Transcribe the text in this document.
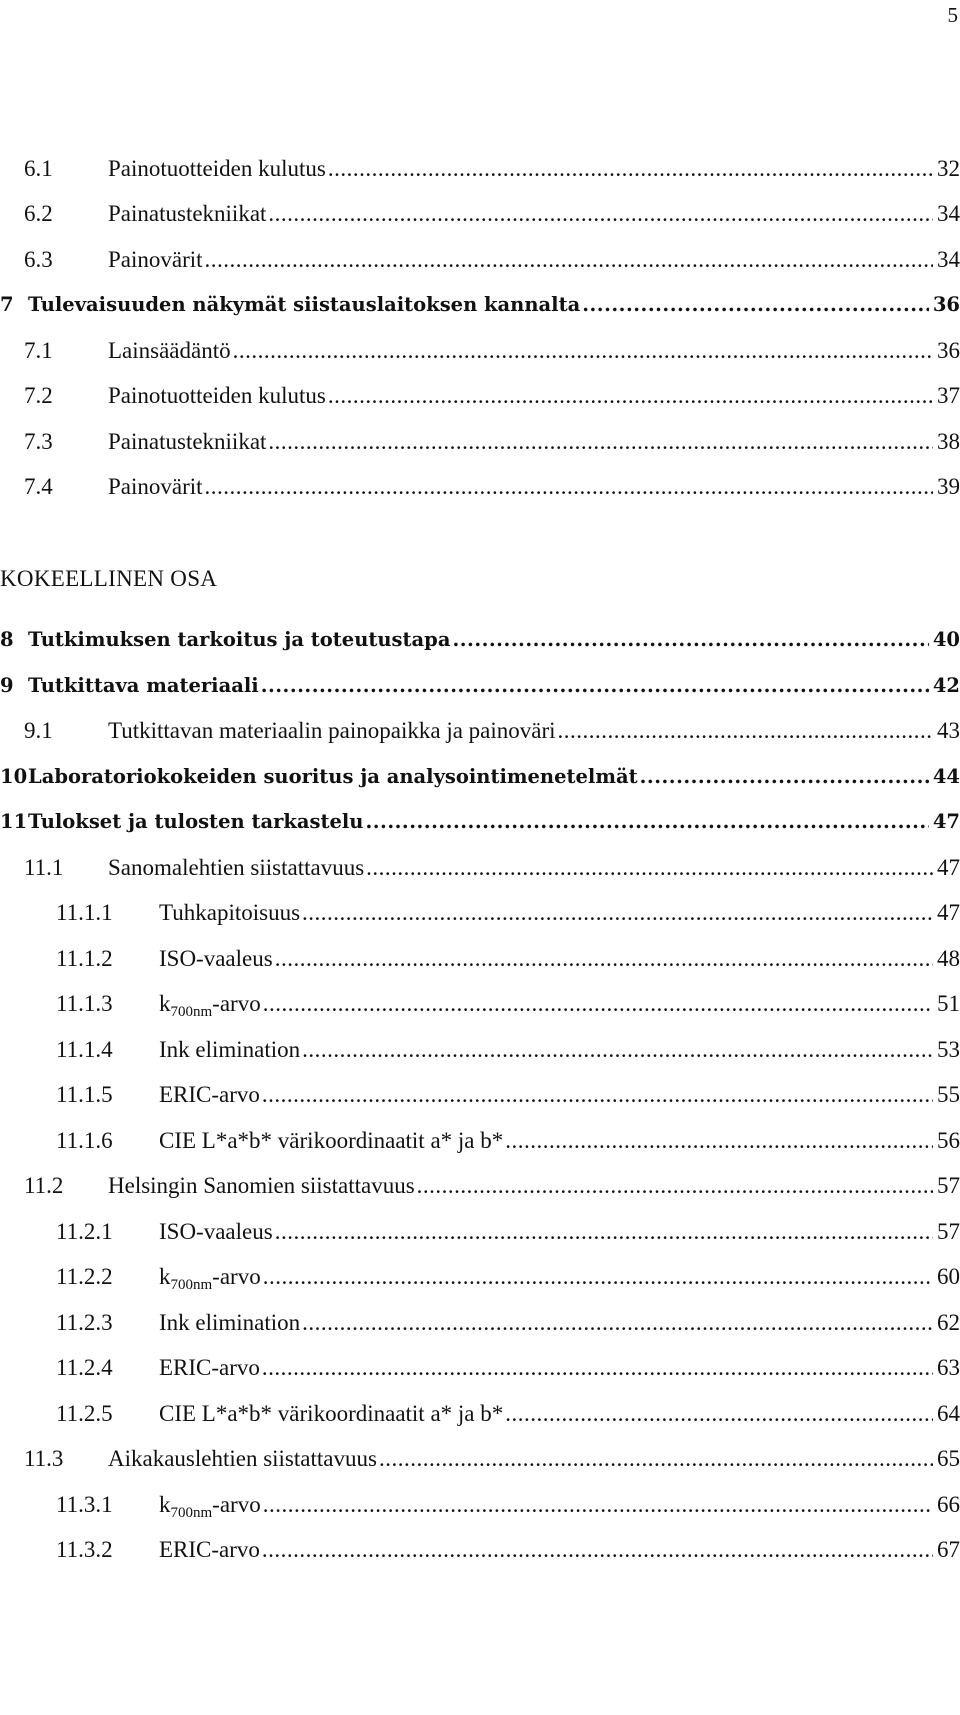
5
KOKEELLINEN OSA
6.1 Painotuotteiden kulutus .....	32
6.2 Painatustekniikat .....	34
6.3 Painovärit .....	34
7 Tulevaisuuden näkymät siistauslaitoksen kannalta .....	36
7.1 Lainsäädäntö .....	36
7.2 Painotuotteiden kulutus .....	37
7.3 Painatustekniikat .....	38
7.4 Painovärit .....	39
8 Tutkimuksen tarkoitus ja toteutustapa .....	40
9 Tutkittava materiaali .....	42
9.1 Tutkittavan materiaalin painopaikka ja painoväri .....	43
10 Laboratoriokokeiden suoritus ja analysointimenetelmät .....	44
11 Tulokset ja tulosten tarkastelu .....	47
11.1 Sanomalehtien siistattavuus .....	47
11.1.1 Tuhkapitoisuus .....	47
11.1.2 ISO-vaaleus .....	48
11.1.3 $k_{700nm}$-arvo .....	51
11.1.4 Ink elimination .....	53
11.1.5 ERIC-arvo .....	55
11.1.6 CIE L*a*b* värikoordinaatit a* ja b* .....	56
11.2 Helsingin Sanomien siistattavuus .....	57
11.2.1 ISO-vaaleus .....	57
11.2.2 $k_{700nm}$-arvo .....	60
11.2.3 Ink elimination .....	62
11.2.4 ERIC-arvo .....	63
11.2.5 CIE L*a*b* värikoordinaatit a* ja b* .....	64
11.3 Aikakauslehtien siistattavuus .....	65
11.3.1 $k_{700nm}$-arvo .....	66
11.3.2 ERIC-arvo .....	67
